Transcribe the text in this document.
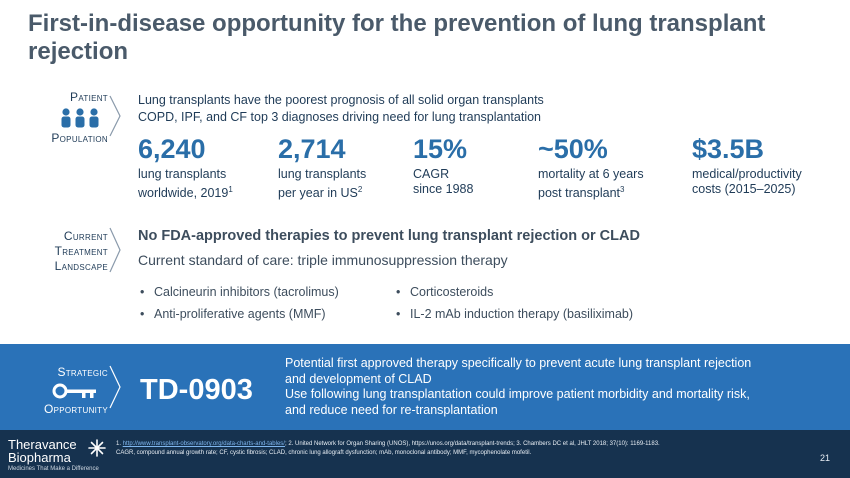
First-in-disease opportunity for the prevention of lung transplant rejection
Patient
Population
Lung transplants have the poorest prognosis of all solid organ transplants
COPD, IPF, and CF top 3 diagnoses driving need for lung transplantation
6,240
lung transplants
worldwide, 2019$^1$
2,714
lung transplants
per year in $US^2$
15%
CAGR
since 1988
~50%
mortality at 6 years
post transplant$^3$
$3.5B
medical/productivity
costs (2015–2025)
Current
Treatment
Landscape
No FDA-approved therapies to prevent lung transplant rejection or CLAD
Current standard of care: triple immunosuppression therapy
• Calcineurin inhibitors (tacrolimus)
• Anti-proliferative agents (MMF)
• Corticosteroids
• IL-2 mAb induction therapy (basiliximab)
Strategic
Opportunity
TD-0903
Potential first approved therapy specifically to prevent acute lung transplant rejection
and development of CLAD
Use following lung transplantation could improve patient morbidity and mortality risk,
and reduce need for re-transplantation
Theravance
Biopharma
Medicines That Make a Difference
1. http://www.transplant-observatory.org/data-charts-and-tables/; 2. United Network for Organ Sharing (UNOS), https://unos.org/data/transplant-trends; 3. Chambers DC et al, JHLT 2018; 37(10): 1169-1183.
CAGR, compound annual growth rate; CF, cystic fibrosis; CLAD, chronic lung allograft dysfunction; mAb, monoclonal antibody; MMF, mycophenolate mofetil.	21
